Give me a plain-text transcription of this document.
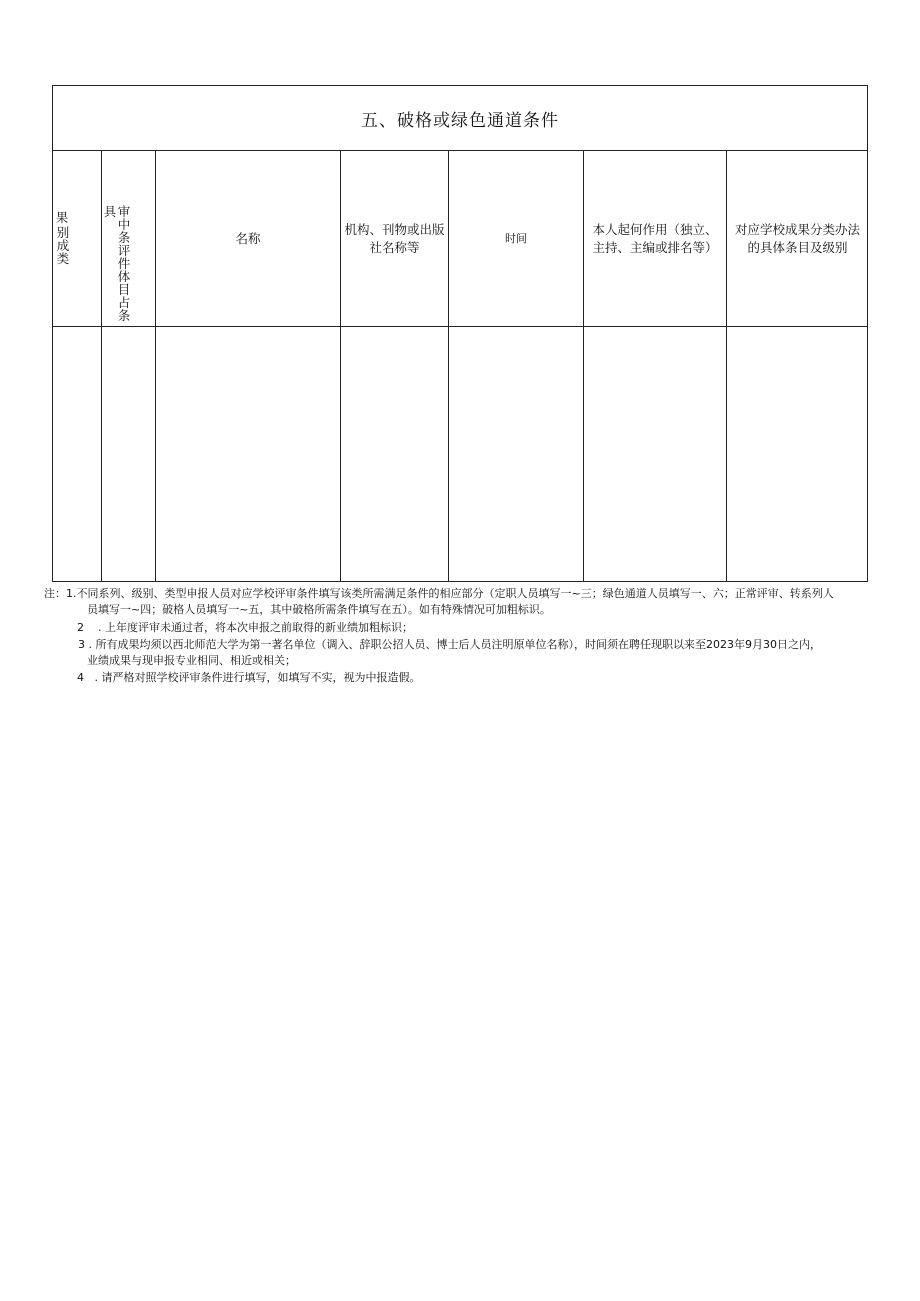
五、破格或绿色通道条件
果
别成类
具 审中条评件体目占条
名称
机构、刊物或出版
社名称等
时间
本人起何作用（独立、
主持、主编或排名等）
对应学校成果分类办法
的具体条目及级别
注：1.不同系列、级别、类型申报人员对应学校评审条件填写该类所需满足条件的相应部分（定职人员填写一~三；绿色通道人员填写一、六；正常评审、转系列人
员填写一~四；破格人员填写一~五，其中破格所需条件填写在五）。如有特殊情况可加粗标识。
2 . 上年度评审未通过者，将本次申报之前取得的新业绩加粗标识；
3 . 所有成果均须以西北师范大学为第一著名单位（调入、辞职公招人员、博士后人员注明原单位名称），时间须在聘任现职以来至2023年9月30日之内，
业绩成果与现申报专业相同、相近或相关；
4 . 请严格对照学校评审条件进行填写，如填写不实，视为中报造假。
